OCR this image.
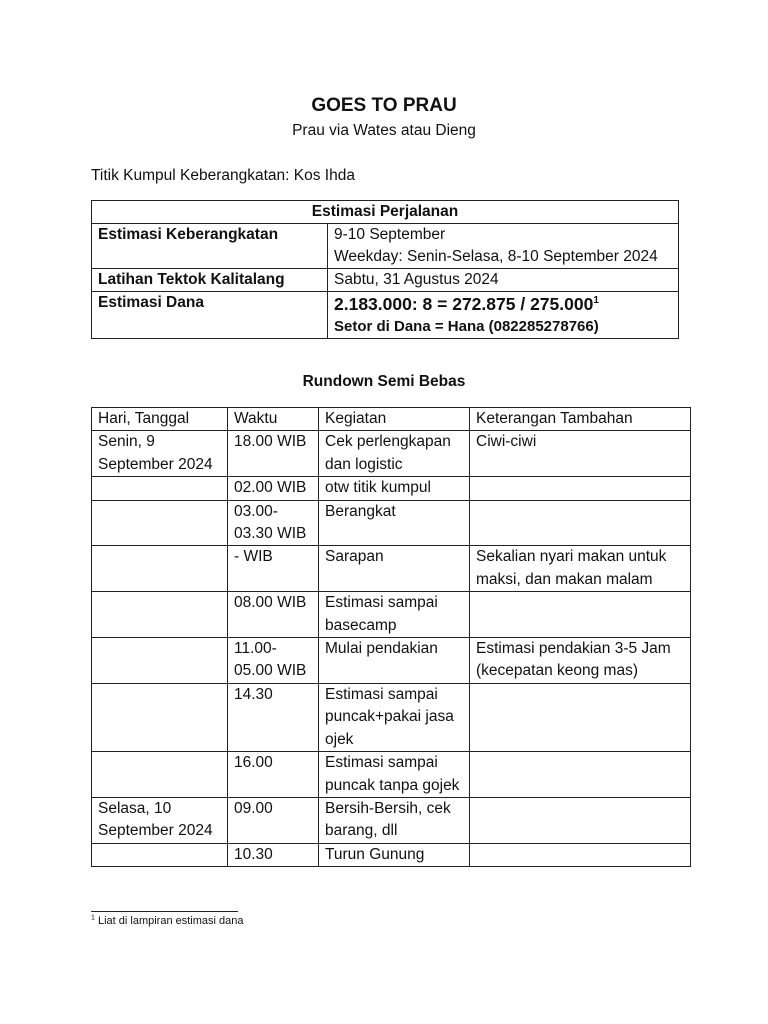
GOES TO PRAU
Prau via Wates atau Dieng
Titik Kumpul Keberangkatan: Kos Ihda
Estimasi Perjalanan	
Estimasi Keberangkatan	9-10 September
Weekday: Senin-Selasa, 8-10 September 2024

Latihan Tektok Kalitalang	Sabtu, 31 Agustus 2024
Estimasi Dana	2.183.000: 8 = 272.875 / 275.000$^1$
Setor di Dana = Hana (082285278766)
Rundown Semi Bebas
Hari, Tanggal	Waktu	Kegiatan	Keterangan Tambahan
Senin, 9 September 2024	18.00 WIB	Cek perlengkapan dan logistic	Ciwi-ciwi
	02.00 WIB	otw titik kumpul	
	03.00-03.30 WIB	Berangkat	
	- WIB	Sarapan	Sekalian nyari makan untuk maksi, dan makan malam
	08.00 WIB	Estimasi sampai basecamp	
	11.00-05.00 WIB	Mulai pendakian	Estimasi pendakian 3-5 Jam (kecepatan keong mas)
	14.30	Estimasi sampai puncak+pakai jasa ojek	
	16.00	Estimasi sampai puncak tanpa gojek	
Selasa, 10 September 2024	09.00	Bersih-Bersih, cek barang, dll	
	10.30	Turun Gunung	
$^1$ Liat di lampiran estimasi dana
